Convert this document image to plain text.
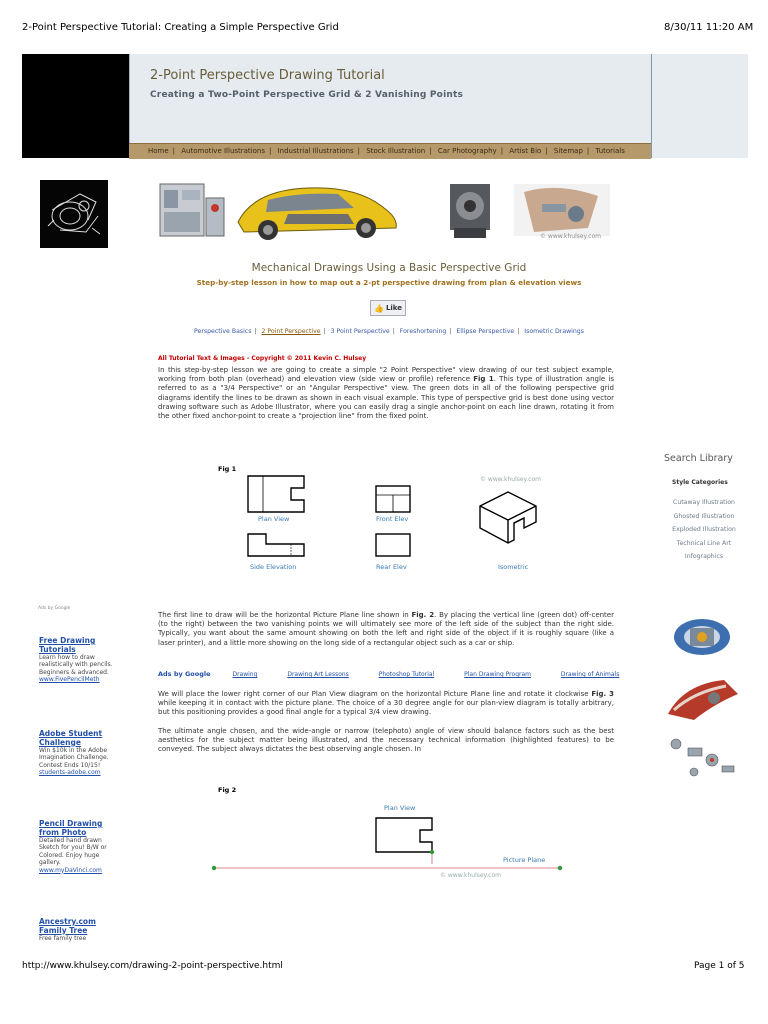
2-Point Perspective Tutorial: Creating a Simple Perspective Grid	8/30/11 11:20 AM
http://www.khulsey.com/drawing-2-point-perspective.html	Page 1 of 5
2-Point Perspective Drawing Tutorial
Creating a Two-Point Perspective Grid & 2 Vanishing Points
Home | Automotive Illustrations | Industrial Illustrations | Stock Illustration | Car Photography | Artist Bio | Sitemap | Tutorials
© www.khulsey.com
Mechanical Drawings Using a Basic Perspective Grid
Step-by-step lesson in how to map out a 2-pt perspective drawing from plan & elevation views
👍 Like
Perspective Basics | 2 Point Perspective | 3 Point Perspective | Foreshortening | Ellipse Perspective | Isometric Drawings
All Tutorial Text & Images - Copyright © 2011 Kevin C. Hulsey
In this step-by-step lesson we are going to create a simple "2 Point Perspective" view drawing of our test subject example, working from both plan (overhead) and elevation view (side view or profile) reference Fig 1. This type of illustration angle is referred to as a "3/4 Perspective" or an "Angular Perspective" view. The green dots in all of the following perspective grid diagrams identify the lines to be drawn as shown in each visual example. This type of perspective grid is best done using vector drawing software such as Adobe Illustrator, where you can easily drag a single anchor-point on each line drawn, rotating it from the other fixed anchor-point to create a "projection line" from the fixed point.
Fig 1
© www.khulsey.com
Plan View	Front Elev
Side Elevation	Rear Elev	Isometric
Search Library
Style Categories
Cutaway Illustration
Ghosted Illustration
Exploded Illustration
Technical Line Art
Infographics
Ads by Google
Free Drawing Tutorials
Learn how to draw realistically with pencils. Beginners & advanced.
www.FivePencilMeth
Adobe Student Challenge
Win $10k in the Adobe Imagination Challenge. Contest Ends 10/15!
students-adobe.com
Pencil Drawing from Photo
Detailed hand drawn Sketch for you! B/W or Colored. Enjoy huge gallery.
www.myDaVinci.com
Ancestry.com Family Tree
Free family tree
The first line to draw will be the horizontal Picture Plane line shown in Fig. 2. By placing the vertical line (green dot) off-center (to the right) between the two vanishing points we will ultimately see more of the left side of the subject than the right side. Typically, you want about the same amount showing on both the left and right side of the object if it is roughly square (like a laser printer), and a little more showing on the long side of a rectangular object such as a car or ship.
Ads by Google	Drawing	Drawing Art Lessons	Photoshop Tutorial	Plan Drawing Program	Drawing of Animals
We will place the lower right corner of our Plan View diagram on the horizontal Picture Plane line and rotate it clockwise Fig. 3 while keeping it in contact with the picture plane. The choice of a 30 degree angle for our plan-view diagram is totally arbitrary, but this positioning provides a good final angle for a typical 3/4 view drawing.
The ultimate angle chosen, and the wide-angle or narrow (telephoto) angle of view should balance factors such as the best aesthetics for the subject matter being illustrated, and the necessary technical information (highlighted features) to be conveyed. The subject always dictates the best observing angle chosen. In
Fig 2
Plan View
Picture Plane
© www.khulsey.com
